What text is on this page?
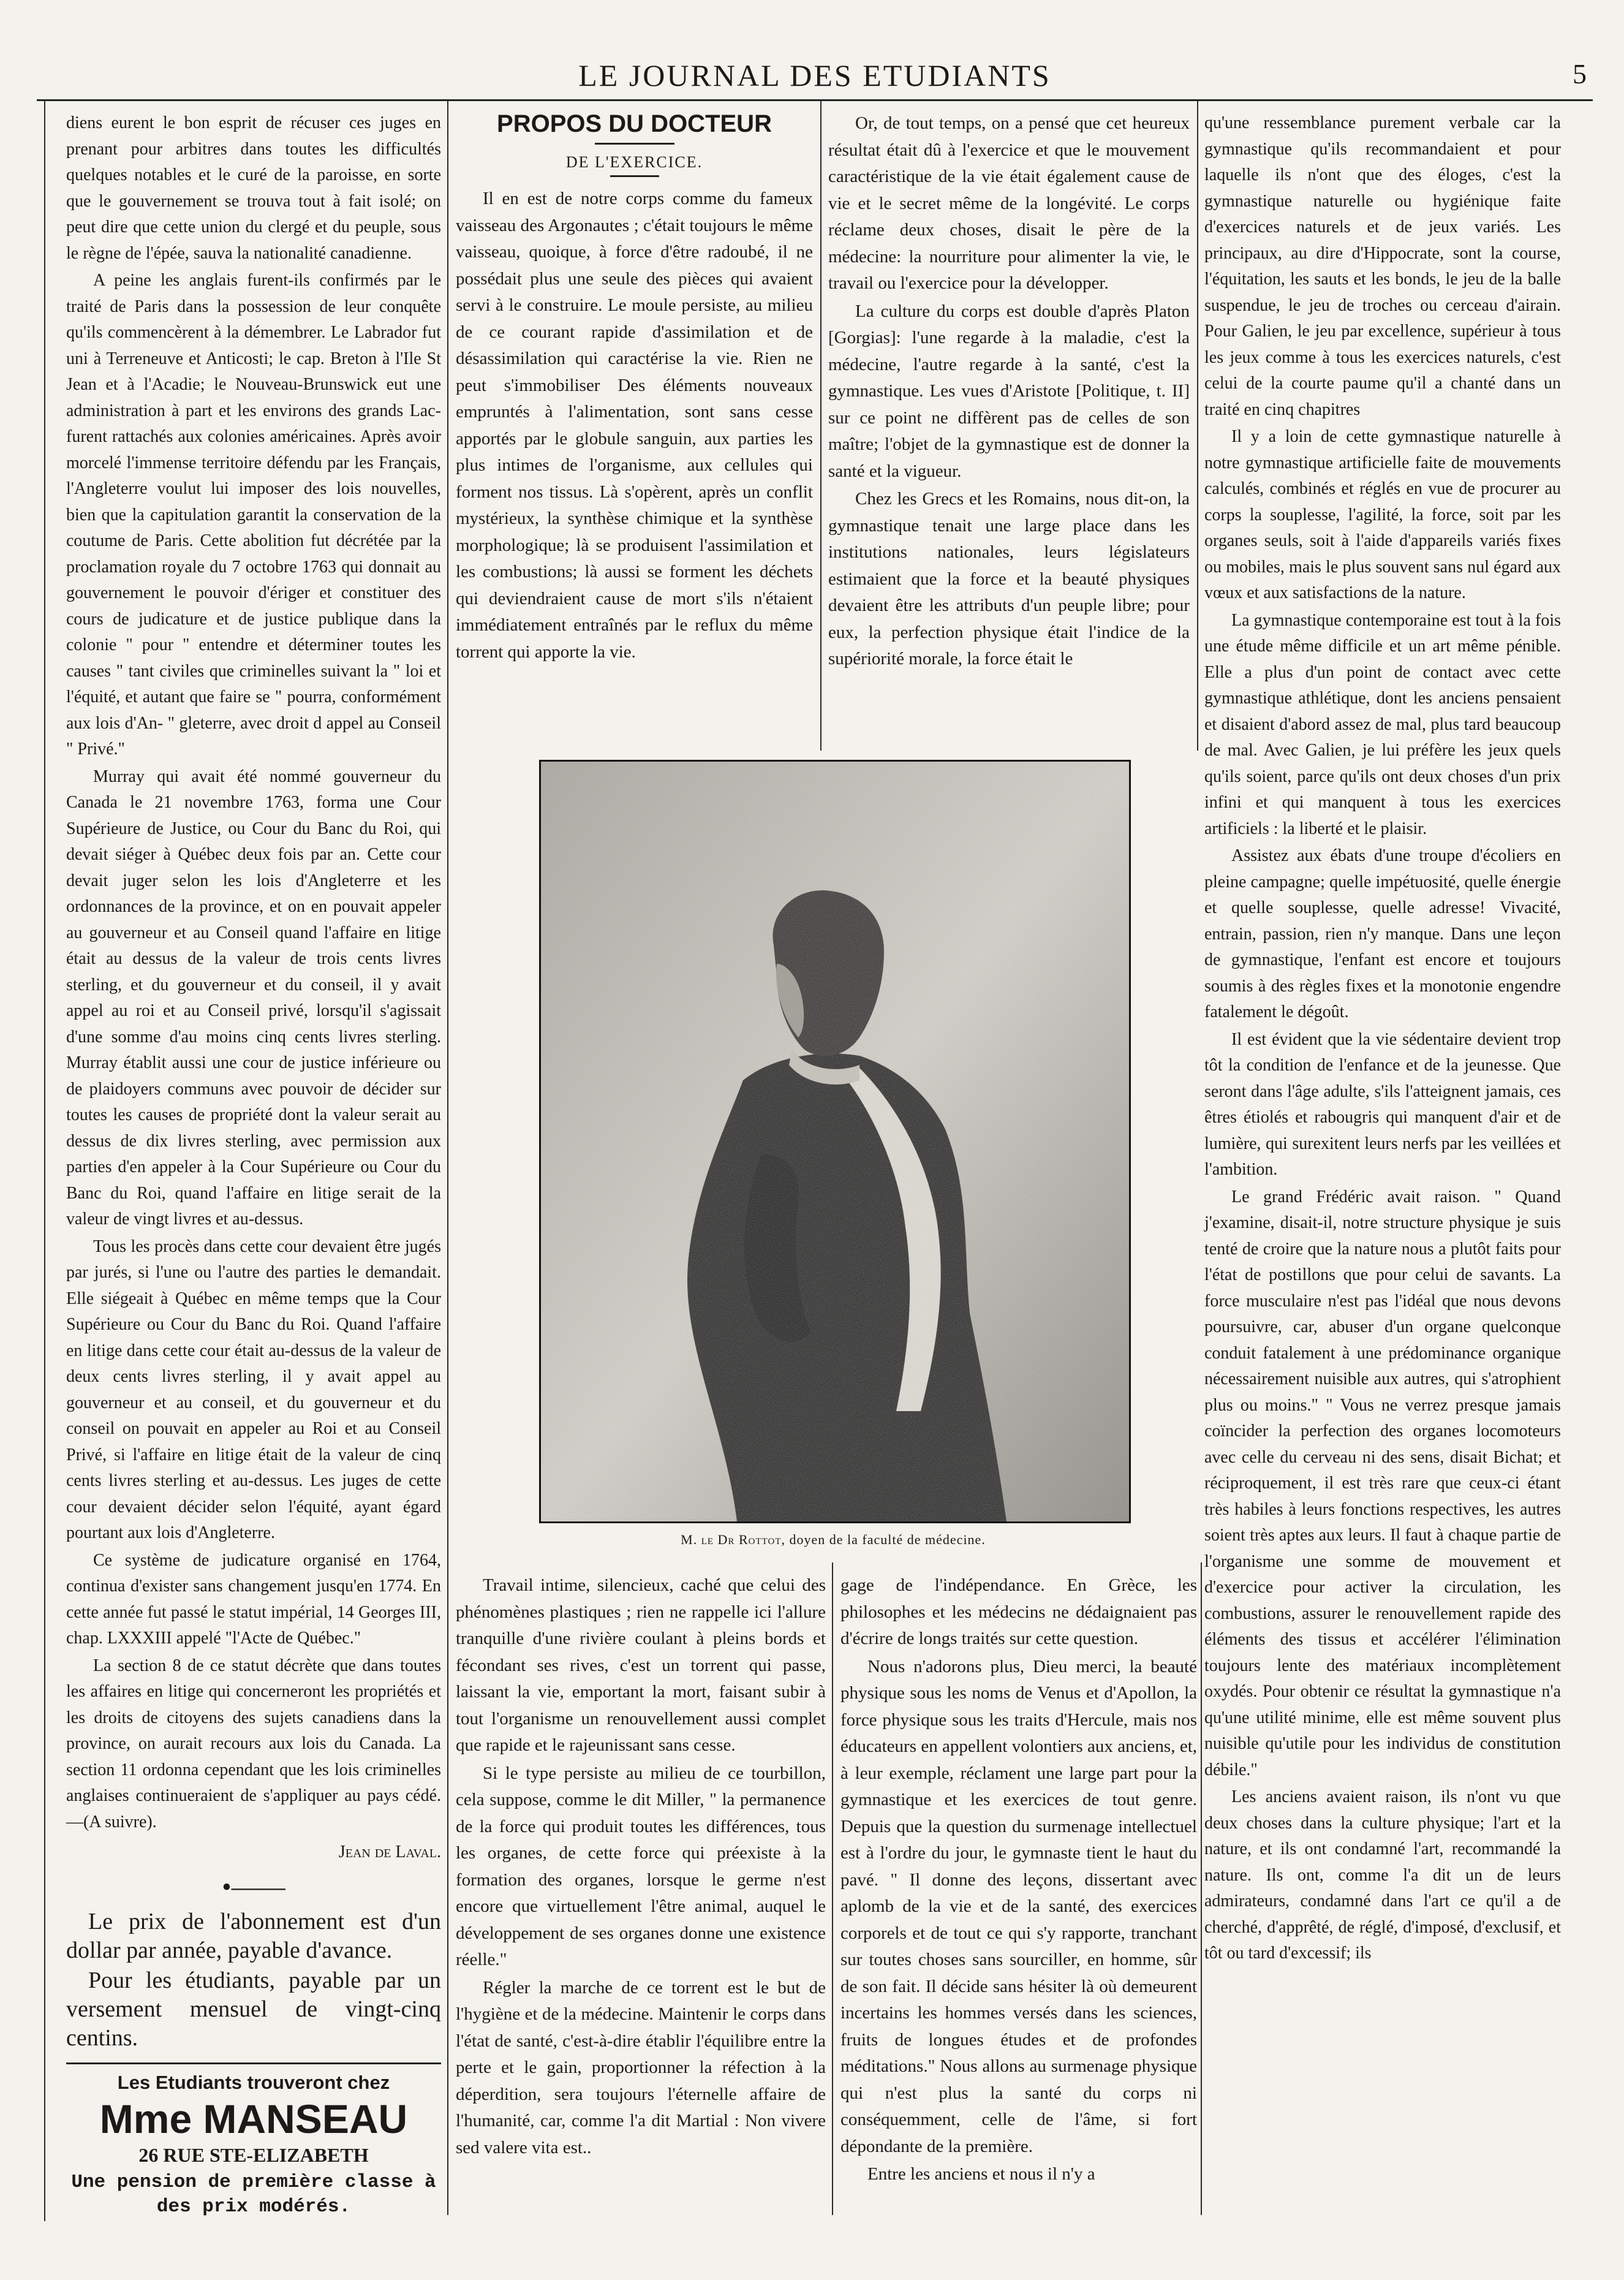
LE JOURNAL DES ETUDIANTS	5

diens eurent le bon esprit de récuser ces juges en prenant pour arbitres dans toutes les difficultés quelques notables et le curé de la paroisse, en sorte que le gouvernement se trouva tout à fait isolé; on peut dire que cette union du clergé et du peuple, sous le règne de l'épée, sauva la nationalité canadienne.

A peine les anglais furent-ils confirmés par le traité de Paris dans la possession de leur conquête qu'ils commencèrent à la démembrer. Le Labrador fut uni à Terreneuve et Anticosti; le cap. Breton à l'Ile St Jean et à l'Acadie; le Nouveau-Brunswick eut une administration à part et les environs des grands Lac-furent rattachés aux colonies américaines. Après avoir morcelé l'immense territoire défendu par les Français, l'Angleterre voulut lui imposer des lois nouvelles, bien que la capitulation garantit la conservation de la coutume de Paris. Cette abolition fut décrétée par la proclamation royale du 7 octobre 1763 qui donnait au gouvernement le pouvoir d'ériger et constituer des cours de judicature et de justice publique dans la colonie " pour " entendre et déterminer toutes les causes " tant civiles que criminelles suivant la " loi et l'équité, et autant que faire se " pourra, conformément aux lois d'An- " gleterre, avec droit d appel au Conseil " Privé."

Murray qui avait été nommé gouverneur du Canada le 21 novembre 1763, forma une Cour Supérieure de Justice, ou Cour du Banc du Roi, qui devait siéger à Québec deux fois par an. Cette cour devait juger selon les lois d'Angleterre et les ordonnances de la province, et on en pouvait appeler au gouverneur et au Conseil quand l'affaire en litige était au dessus de la valeur de trois cents livres sterling, et du gouverneur et du conseil, il y avait appel au roi et au Conseil privé, lorsqu'il s'agissait d'une somme d'au moins cinq cents livres sterling. Murray établit aussi une cour de justice inférieure ou de plaidoyers communs avec pouvoir de décider sur toutes les causes de propriété dont la valeur serait au dessus de dix livres sterling, avec permission aux parties d'en appeler à la Cour Supérieure ou Cour du Banc du Roi, quand l'affaire en litige serait de la valeur de vingt livres et au-dessus.

Tous les procès dans cette cour devaient être jugés par jurés, si l'une ou l'autre des parties le demandait. Elle siégeait à Québec en même temps que la Cour Supérieure ou Cour du Banc du Roi. Quand l'affaire en litige dans cette cour était au-dessus de la valeur de deux cents livres sterling, il y avait appel au gouverneur et au conseil, et du gouverneur et du conseil on pouvait en appeler au Roi et au Conseil Privé, si l'affaire en litige était de la valeur de cinq cents livres sterling et au-dessus. Les juges de cette cour devaient décider selon l'équité, ayant égard pourtant aux lois d'Angleterre.

Ce système de judicature organisé en 1764, continua d'exister sans changement jusqu'en 1774. En cette année fut passé le statut impérial, 14 Georges III, chap. LXXXIII appelé "l'Acte de Québec."

La section 8 de ce statut décrète que dans toutes les affaires en litige qui concerneront les propriétés et les droits de citoyens des sujets canadiens dans la province, on aurait recours aux lois du Canada. La section 11 ordonna cependant que les lois criminelles anglaises continueraient de s'appliquer au pays cédé.—(A suivre).

Jean de Laval.
•——

Le prix de l'abonnement est d'un dollar par année, payable d'avance.

Pour les étudiants, payable par un versement mensuel de vingt-cinq centins.

Les Etudiants trouveront chez
Mme MANSEAU
26 RUE STE-ELIZABETH
Une pension de première classe à des prix modérés.
PROPOS DU DOCTEUR
DE L'EXERCICE.

Il en est de notre corps comme du fameux vaisseau des Argonautes ; c'était toujours le même vaisseau, quoique, à force d'être radoubé, il ne possédait plus une seule des pièces qui avaient servi à le construire. Le moule persiste, au milieu de ce courant rapide d'assimilation et de désassimilation qui caractérise la vie. Rien ne peut s'immobiliser Des éléments nouveaux empruntés à l'alimentation, sont sans cesse apportés par le globule sanguin, aux parties les plus intimes de l'organisme, aux cellules qui forment nos tissus. Là s'opèrent, après un conflit mystérieux, la synthèse chimique et la synthèse morphologique; là se produisent l'assimilation et les combustions; là aussi se forment les déchets qui deviendraient cause de mort s'ils n'étaient immédiatement entraînés par le reflux du même torrent qui apporte la vie.

Or, de tout temps, on a pensé que cet heureux résultat était dû à l'exercice et que le mouvement caractéristique de la vie était également cause de vie et le secret même de la longévité. Le corps réclame deux choses, disait le père de la médecine: la nourriture pour alimenter la vie, le travail ou l'exercice pour la développer.

La culture du corps est double d'après Platon [Gorgias]: l'une regarde à la maladie, c'est la médecine, l'autre regarde à la santé, c'est la gymnastique. Les vues d'Aristote [Politique, t. II] sur ce point ne diffèrent pas de celles de son maître; l'objet de la gymnastique est de donner la santé et la vigueur.

Chez les Grecs et les Romains, nous dit-on, la gymnastique tenait une large place dans les institutions nationales, leurs législateurs estimaient que la force et la beauté physiques devaient être les attributs d'un peuple libre; pour eux, la perfection physique était l'indice de la supériorité morale, la force était le

qu'une ressemblance purement verbale car la gymnastique qu'ils recommandaient et pour laquelle ils n'ont que des éloges, c'est la gymnastique naturelle ou hygiénique faite d'exercices naturels et de jeux variés. Les principaux, au dire d'Hippocrate, sont la course, l'équitation, les sauts et les bonds, le jeu de la balle suspendue, le jeu de troches ou cerceau d'airain. Pour Galien, le jeu par excellence, supérieur à tous les jeux comme à tous les exercices naturels, c'est celui de la courte paume qu'il a chanté dans un traité en cinq chapitres

Il y a loin de cette gymnastique naturelle à notre gymnastique artificielle faite de mouvements calculés, combinés et réglés en vue de procurer au corps la souplesse, l'agilité, la force, soit par les organes seuls, soit à l'aide d'appareils variés fixes ou mobiles, mais le plus souvent sans nul égard aux vœux et aux satisfactions de la nature.

La gymnastique contemporaine est tout à la fois une étude même difficile et un art même pénible. Elle a plus d'un point de contact avec cette gymnastique athlétique, dont les anciens pensaient et disaient d'abord assez de mal, plus tard beaucoup de mal. Avec Galien, je lui préfère les jeux quels qu'ils soient, parce qu'ils ont deux choses d'un prix infini et qui manquent à tous les exercices artificiels : la liberté et le plaisir.

Assistez aux ébats d'une troupe d'écoliers en pleine campagne; quelle impétuosité, quelle énergie et quelle souplesse, quelle adresse! Vivacité, entrain, passion, rien n'y manque. Dans une leçon de gymnastique, l'enfant est encore et toujours soumis à des règles fixes et la monotonie engendre fatalement le dégoût.

Il est évident que la vie sédentaire devient trop tôt la condition de l'enfance et de la jeunesse. Que seront dans l'âge adulte, s'ils l'atteignent jamais, ces êtres étiolés et rabougris qui manquent d'air et de lumière, qui surexitent leurs nerfs par les veillées et l'ambition.

Le grand Frédéric avait raison. " Quand j'examine, disait-il, notre structure physique je suis tenté de croire que la nature nous a plutôt faits pour l'état de postillons que pour celui de savants. La force musculaire n'est pas l'idéal que nous devons poursuivre, car, abuser d'un organe quelconque conduit fatalement à une prédominance organique nécessairement nuisible aux autres, qui s'atrophient plus ou moins." " Vous ne verrez presque jamais coïncider la perfection des organes locomoteurs avec celle du cerveau ni des sens, disait Bichat; et réciproquement, il est très rare que ceux-ci étant très habiles à leurs fonctions respectives, les autres soient très aptes aux leurs. Il faut à chaque partie de l'organisme une somme de mouvement et d'exercice pour activer la circulation, les combustions, assurer le renouvellement rapide des éléments des tissus et accélérer l'élimination toujours lente des matériaux incomplètement oxydés. Pour obtenir ce résultat la gymnastique n'a qu'une utilité minime, elle est même souvent plus nuisible qu'utile pour les individus de constitution débile."

Les anciens avaient raison, ils n'ont vu que deux choses dans la culture physique; l'art et la nature, et ils ont condamné l'art, recommandé la nature. Ils ont, comme l'a dit un de leurs admirateurs, condamné dans l'art ce qu'il a de cherché, d'apprêté, de réglé, d'imposé, d'exclusif, et tôt ou tard d'excessif; ils

M. le Dr Rottot, doyen de la faculté de médecine.

Travail intime, silencieux, caché que celui des phénomènes plastiques ; rien ne rappelle ici l'allure tranquille d'une rivière coulant à pleins bords et fécondant ses rives, c'est un torrent qui passe, laissant la vie, emportant la mort, faisant subir à tout l'organisme un renouvellement aussi complet que rapide et le rajeunissant sans cesse.

Si le type persiste au milieu de ce tourbillon, cela suppose, comme le dit Miller, " la permanence de la force qui produit toutes les différences, tous les organes, de cette force qui préexiste à la formation des organes, lorsque le germe n'est encore que virtuellement l'être animal, auquel le développement de ses organes donne une existence réelle."

Régler la marche de ce torrent est le but de l'hygiène et de la médecine. Maintenir le corps dans l'état de santé, c'est-à-dire établir l'équilibre entre la perte et le gain, proportionner la réfection à la déperdition, sera toujours l'éternelle affaire de l'humanité, car, comme l'a dit Martial : Non vivere sed valere vita est..

gage de l'indépendance. En Grèce, les philosophes et les médecins ne dédaignaient pas d'écrire de longs traités sur cette question.

Nous n'adorons plus, Dieu merci, la beauté physique sous les noms de Venus et d'Apollon, la force physique sous les traits d'Hercule, mais nos éducateurs en appellent volontiers aux anciens, et, à leur exemple, réclament une large part pour la gymnastique et les exercices de tout genre. Depuis que la question du surmenage intellectuel est à l'ordre du jour, le gymnaste tient le haut du pavé. " Il donne des leçons, dissertant avec aplomb de la vie et de la santé, des exercices corporels et de tout ce qui s'y rapporte, tranchant sur toutes choses sans sourciller, en homme, sûr de son fait. Il décide sans hésiter là où demeurent incertains les hommes versés dans les sciences, fruits de longues études et de profondes méditations." Nous allons au surmenage physique qui n'est plus la santé du corps ni conséquemment, celle de l'âme, si fort dépondante de la première.

Entre les anciens et nous il n'y a
